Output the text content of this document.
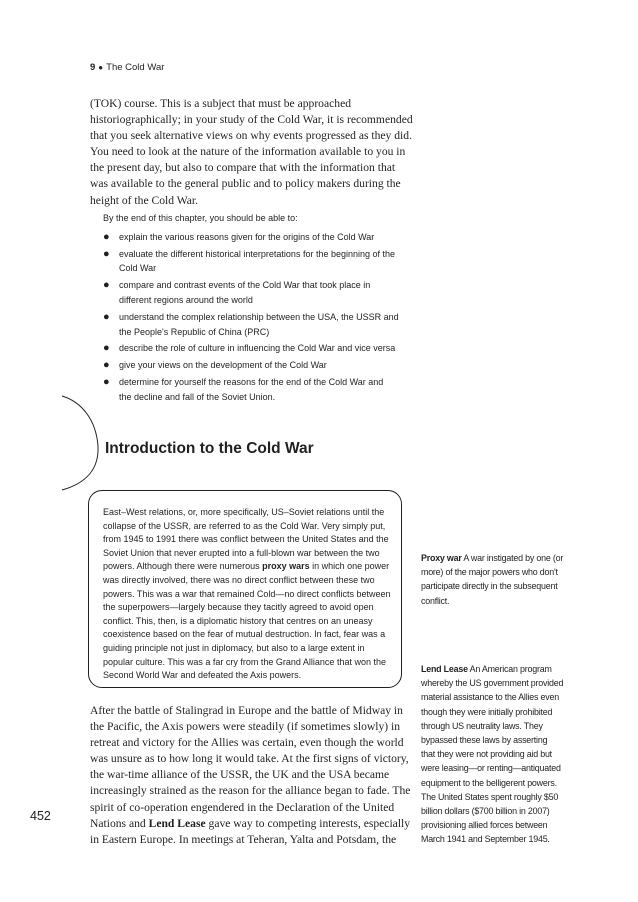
9 ● The Cold War
(TOK) course. This is a subject that must be approached
historiographically; in your study of the Cold War, it is recommended
that you seek alternative views on why events progressed as they did.
You need to look at the nature of the information available to you in
the present day, but also to compare that with the information that
was available to the general public and to policy makers during the
height of the Cold War.

By the end of this chapter, you should be able to:

● explain the various reasons given for the origins of the Cold War
● evaluate the different historical interpretations for the beginning of the
Cold War
● compare and contrast events of the Cold War that took place in
different regions around the world
● understand the complex relationship between the USA, the USSR and
the People's Republic of China (PRC)
● describe the role of culture in influencing the Cold War and vice versa
● give your views on the development of the Cold War
● determine for yourself the reasons for the end of the Cold War and
the decline and fall of the Soviet Union.
Introduction to the Cold War
East–West relations, or, more specifically, US–Soviet relations until the
collapse of the USSR, are referred to as the Cold War. Very simply put,
from 1945 to 1991 there was conflict between the United States and the
Soviet Union that never erupted into a full-blown war between the two
powers. Although there were numerous proxy wars in which one power
was directly involved, there was no direct conflict between these two
powers. This was a war that remained Cold—no direct conflicts between
the superpowers—largely because they tacitly agreed to avoid open
conflict. This, then, is a diplomatic history that centres on an uneasy
coexistence based on the fear of mutual destruction. In fact, fear was a
guiding principle not just in diplomacy, but also to a large extent in
popular culture. This was a far cry from the Grand Alliance that won the
Second World War and defeated the Axis powers.
After the battle of Stalingrad in Europe and the battle of Midway in
the Pacific, the Axis powers were steadily (if sometimes slowly) in
retreat and victory for the Allies was certain, even though the world
was unsure as to how long it would take. At the first signs of victory,
the war-time alliance of the USSR, the UK and the USA became
increasingly strained as the reason for the alliance began to fade. The
spirit of co-operation engendered in the Declaration of the United
Nations and Lend Lease gave way to competing interests, especially
in Eastern Europe. In meetings at Teheran, Yalta and Potsdam, the
452
Proxy war A war instigated by one (or
more) of the major powers who don't
participate directly in the subsequent
conflict.
Lend Lease An American program
whereby the US government provided
material assistance to the Allies even
though they were initially prohibited
through US neutrality laws. They
bypassed these laws by asserting
that they were not providing aid but
were leasing—or renting—antiquated
equipment to the belligerent powers.
The United States spent roughly $50
billion dollars ($700 billion in 2007)
provisioning allied forces between
March 1941 and September 1945.
